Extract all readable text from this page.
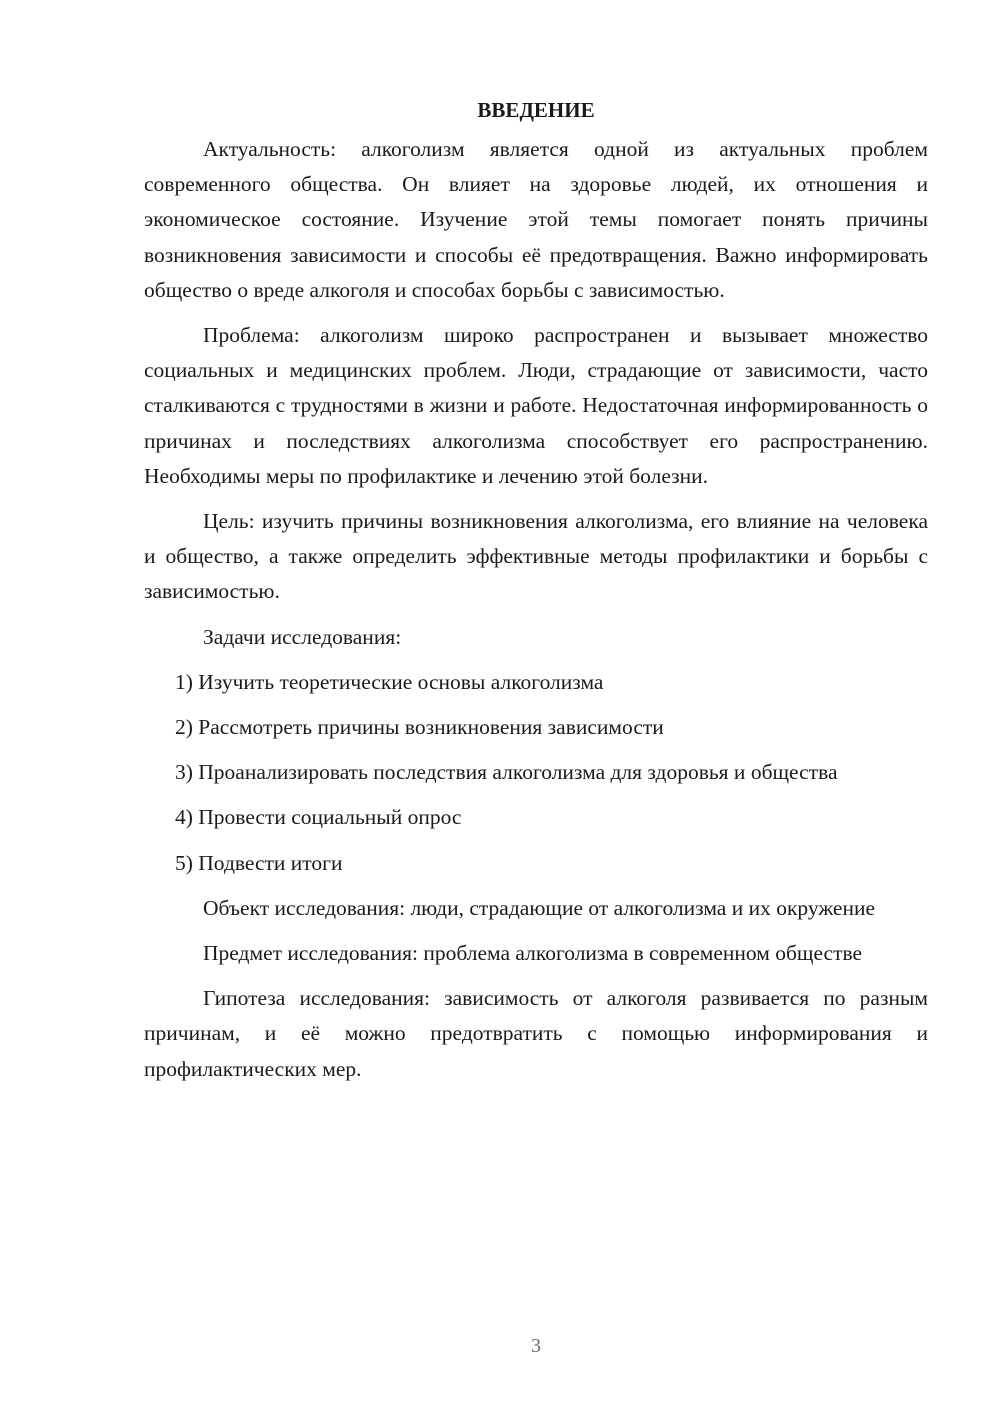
ВВЕДЕНИЕ

Актуальность: алкоголизм является одной из актуальных проблем современного общества. Он влияет на здоровье людей, их отношения и экономическое состояние. Изучение этой темы помогает понять причины возникновения зависимости и способы её предотвращения. Важно информировать общество о вреде алкоголя и способах борьбы с зависимостью.

Проблема: алкоголизм широко распространен и вызывает множество социальных и медицинских проблем. Люди, страдающие от зависимости, часто сталкиваются с трудностями в жизни и работе. Недостаточная информированность о причинах и последствиях алкоголизма способствует его распространению. Необходимы меры по профилактике и лечению этой болезни.

Цель: изучить причины возникновения алкоголизма, его влияние на человека и общество, а также определить эффективные методы профилактики и борьбы с зависимостью.

Задачи исследования:

1) Изучить теоретические основы алкоголизма

2) Рассмотреть причины возникновения зависимости

3) Проанализировать последствия алкоголизма для здоровья и общества

4) Провести социальный опрос

5) Подвести итоги

Объект исследования: люди, страдающие от алкоголизма и их окружение

Предмет исследования: проблема алкоголизма в современном обществе

Гипотеза исследования: зависимость от алкоголя развивается по разным причинам, и её можно предотвратить с помощью информирования и профилактических мер.

3
